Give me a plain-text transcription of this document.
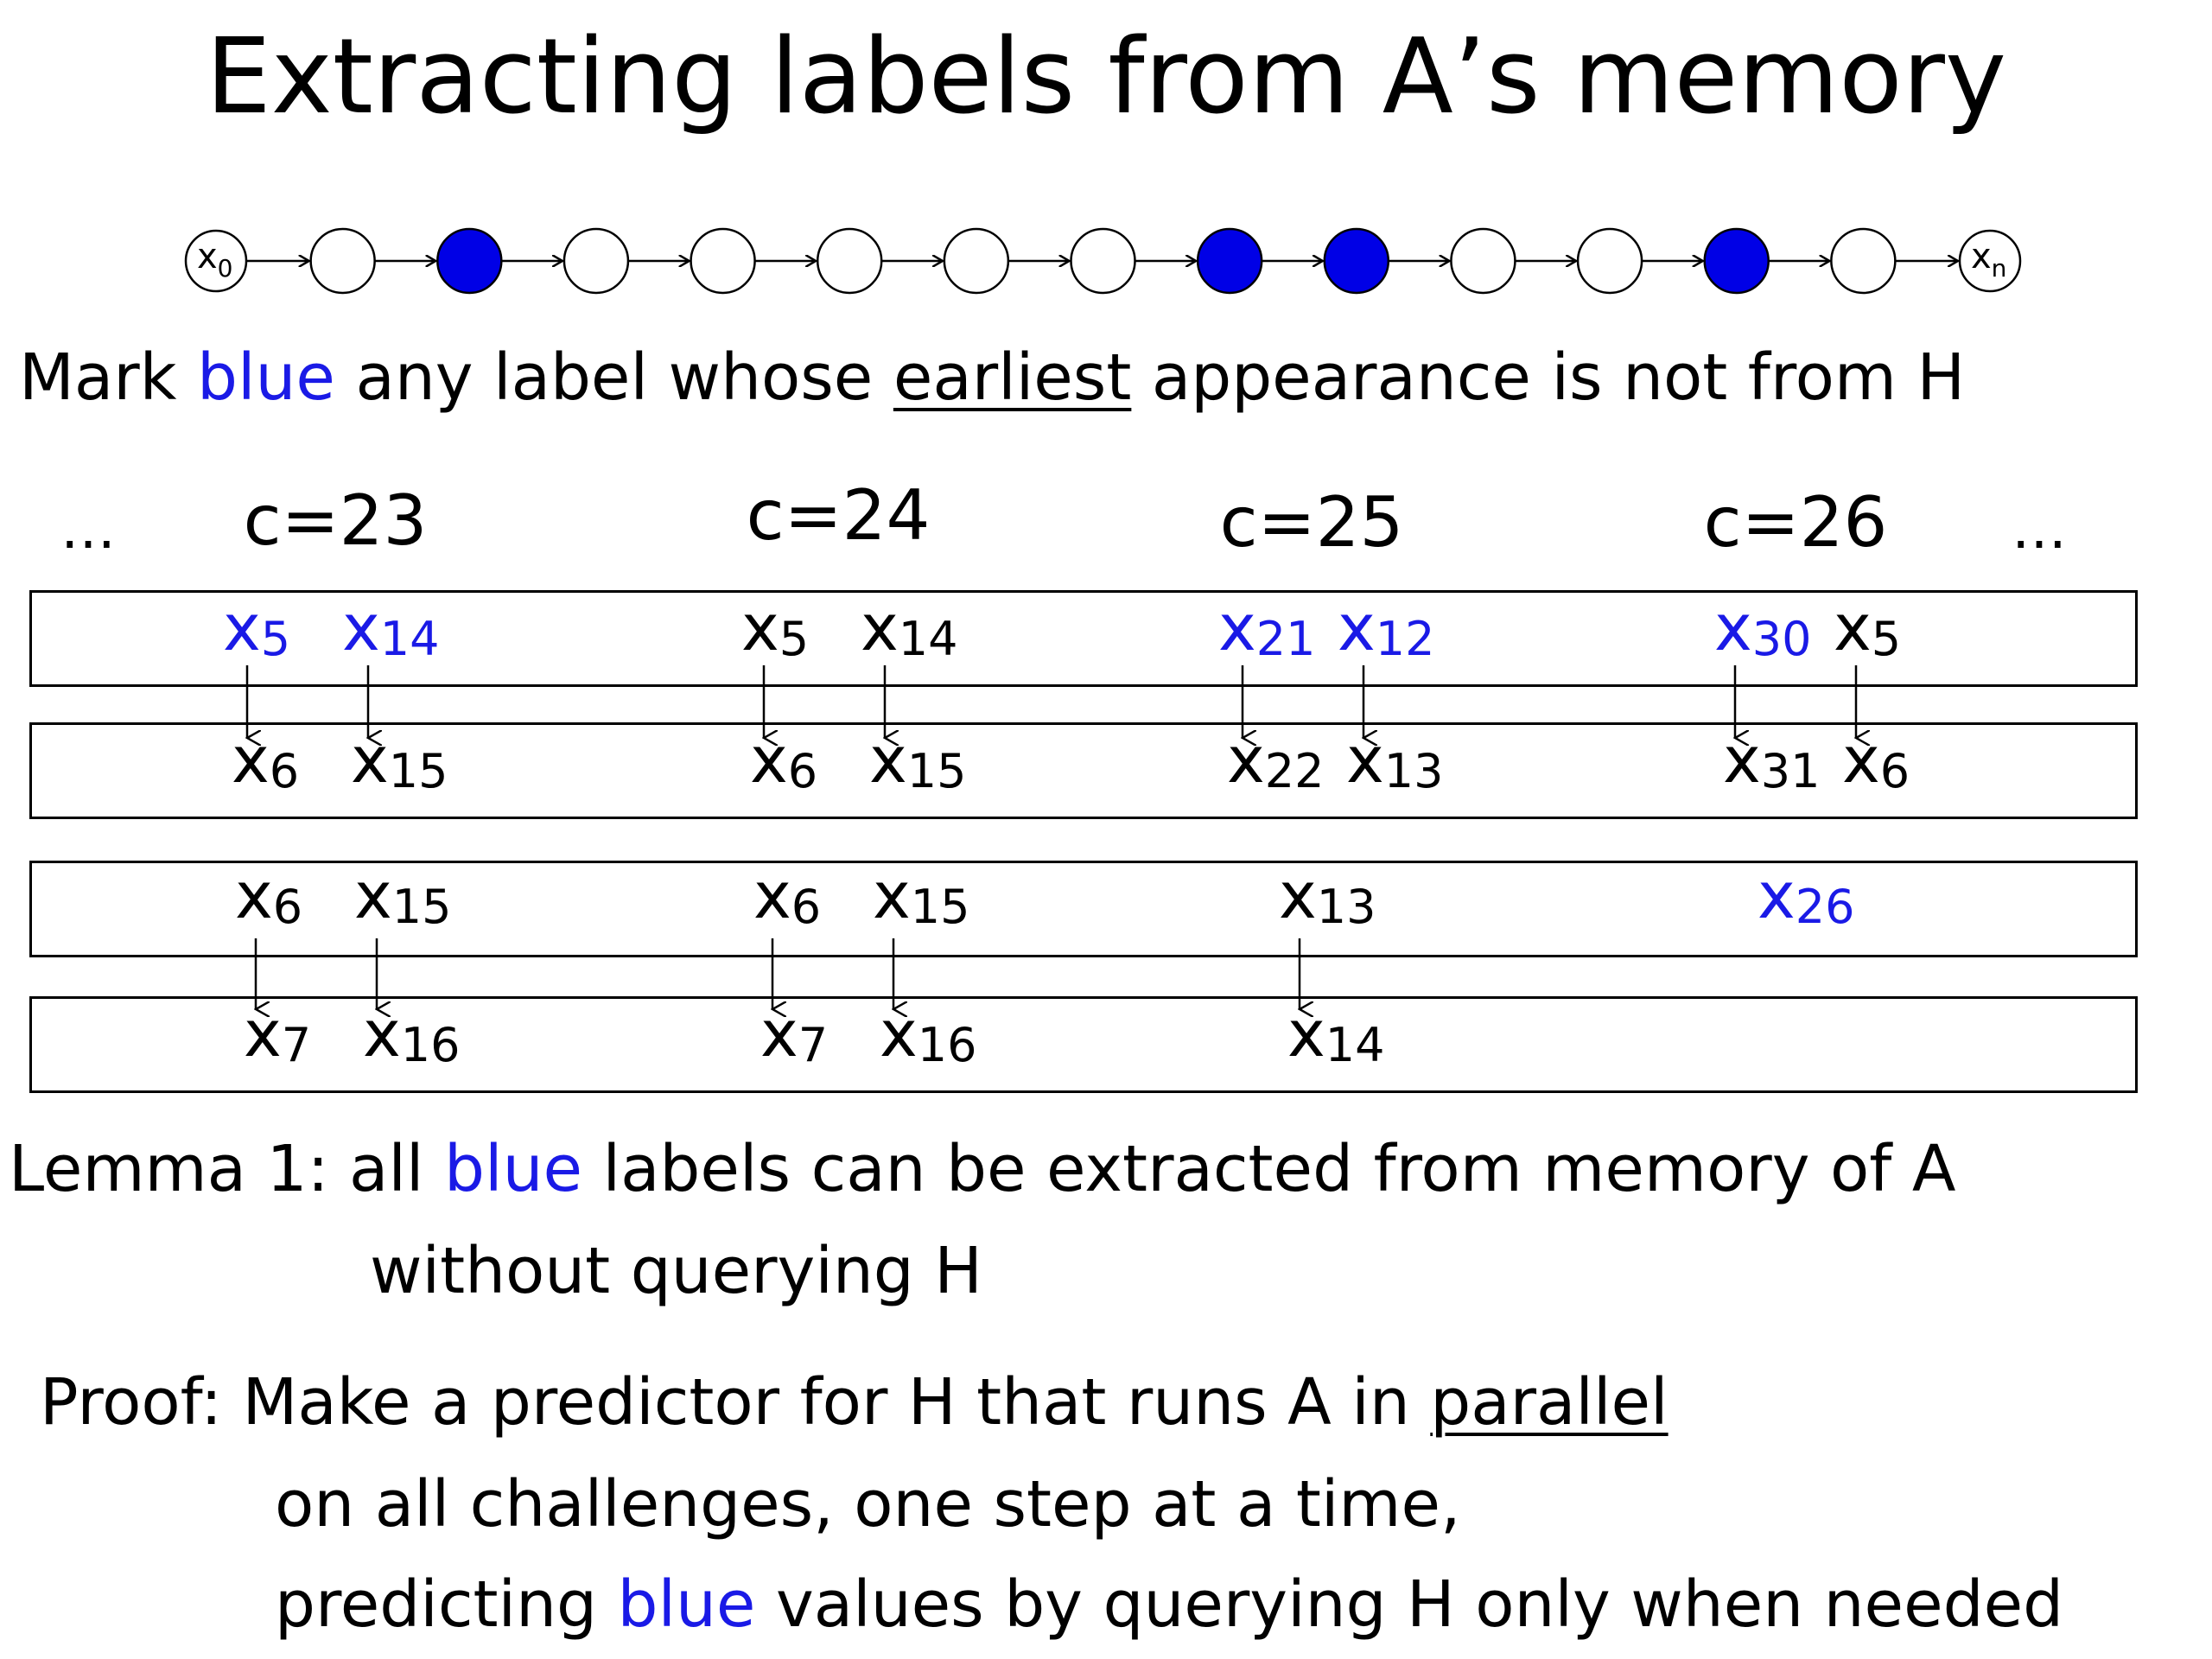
Extracting labels from A’s memory
$x_0$	$x_n$
Mark blue any label whose earliest appearance is not from H
… c=23	c=24	c=25	c=26 …
$x_5$ $x_{14}$	$x_5$ $x_{14}$	$x_{21}$ $x_{12}$	$x_{30}$ $x_5$
$x_6$ $x_{15}$	$x_6$ $x_{15}$	$x_{22}$ $x_{13}$	$x_{31}$ $x_6$
$x_6$ $x_{15}$	$x_6$ $x_{15}$	$x_{13}$	$x_{26}$
$x_7$ $x_{16}$	$x_7$ $x_{16}$	$x_{14}$
Lemma 1: all blue labels can be extracted from memory of A
without querying H
Proof: Make a predictor for H that runs A in parallel
on all challenges, one step at a time,
predicting blue values by querying H only when needed
